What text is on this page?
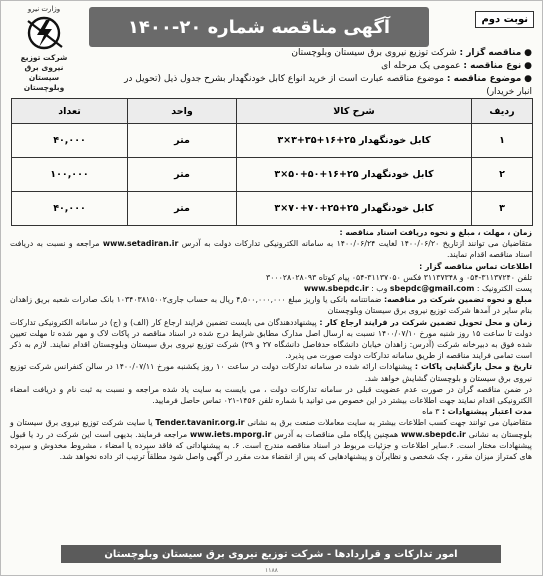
آگهی مناقصه شماره ۲۰-۱۴۰۰	نوبت دوم
وزارت نیرو
شرکت توزیع نیروی برق سیستان وبلوچستان
● مناقصه گزار : شرکت توزیع نیروی برق سیستان وبلوچستان
● نوع مناقصه : عمومی یک مرحله ای
● موضوع مناقصه : موضوع مناقصه عبارت است از خرید انواع کابل خودنگهدار بشرح جدول ذیل (تحویل در انبار خریدار)
ردیف	شرح کالا	واحد	تعداد
۱	کابل خودنگهدار ۲۵+۱۶+۳۵+۳×۳	متر	۴۰,۰۰۰
۲	کابل خودنگهدار ۲۵+۱۶+۵۰+۵۰×۳	متر	۱۰۰,۰۰۰
۳	کابل خودنگهدار ۲۵+۲۵+۷۰+۷۰×۳	متر	۴۰,۰۰۰

زمان ، مهلت ، مبلغ و نحوه دریافت اسناد مناقصه :
متقاضیان می توانند ازتاریخ ۱۴۰۰/۰۶/۲۰ لغایت ۱۴۰۰/۰۶/۲۴ به سامانه الکترونیکی تدارکات دولت به آدرس www.setadiran.ir مراجعه و نسبت به دریافت اسناد مناقصه اقدام نمایند.

اطلاعات تماس مناقصه گزار :
تلفن ۳۱۱۳۷۲۴۰-۰۵۴ و ۳۱۱۳۷۳۴۸ فکس ۳۱۱۳۷۰۵۰-۰۵۴ پیام کوتاه ۳۰۰۰۲۸۰۲۸۰۹۳
پست الکترونیک : sbepdc@gmail.com وب : www.sbepdc.ir

مبلغ و نحوه تضمین شرکت در مناقصه: ضمانتنامه بانکی یا واریز مبلغ ۴,۵۰۰,۰۰۰,۰۰۰ ریال به حساب جاری۱۰۳۴۰۳۸۱۵۰۰۲ بانک صادرات شعبه بریق زاهدان بنام سایر در آمدها شرکت توزیع نیروی برق سیستان وبلوچستان

زمان و محل تحویل تضمین شرکت در فرایند ارجاع کار : پیشنهاددهندگان می بایست تضمین فرایند ارجاع کار (الف) و (ج) در سامانه الکترونیکی تدارکات دولت تا ساعت ۱۵ روز شنبه مورخ ۱۴۰۰/۰۷/۱۰ نسبت به ارسال اصل مدارک مطابق شرایط درج شده در اسناد مناقصه در پاکات لاک و مهر شده تا مهلت تعیین شده فوق به دبیرخانه شرکت (آدرس: زاهدان خیابان دانشگاه حدفاصل دانشگاه ۲۷ و ۲۹) شرکت توزیع نیروی برق سیستان وبلوچستان اقدام نمایند. لازم به ذکر است تمامی فرایند مناقصه از طریق سامانه تدارکات دولت صورت می پذیرد.

تاریخ و محل بازگشایی پاکات : پیشنهادات ارائه شده در سامانه تدارکات دولت در ساعت ۱۰ روز یکشنبه مورخ ۱۴۰۰/۰۷/۱۱ در سالن کنفرانس شرکت توزیع نیروی برق سیستان و بلوچستان گشایش خواهد شد.

در ضمن مناقصه گران در صورت عدم عضویت قبلی در سامانه تدارکات دولت ، می بایست به سایت یاد شده مراجعه و نسبت به ثبت نام و دریافت امضاء الکترونیکی اقدام نمایند جهت اطلاعات بیشتر در این خصوص می توانید با شماره تلفن ۱۴۵۶-۰۲۱ تماس حاصل فرمایید.

مدت اعتبار پیشنهادات : ۳ ماه

متقاضیان می توانند جهت کسب اطلاعات بیشتر به سایت معاملات صنعت برق به نشانی Tender.tavanir.org.ir یا سایت شرکت توزیع نیروی برق سیستان و بلوچستان به نشانی www.sbepdc.ir همچنین پایگاه ملی مناقصات به آدرس www.iets.mporg.ir مراجعه فرمایند. بدیهی است این شرکت در رد یا قبول پیشنهادات مختار است. ۶.سایر اطلاعات و جزئیات مربوط در اسناد مناقصه مندرج است. ۶. به پیشنهاداتی که فاقد سپرده یا امضاء ، مشروط مخدوش و سپرده های کمتراز میزان مقرر ، چک شخصی و نظایرآن و پیشنهادهایی که پس از انقضاء مدت مقرر در آگهی واصل شود مطلقاً ترتیب اثر داده نخواهد شد.

امور تدارکات و قراردادها - شرکت توزیع نیروی برق سیستان وبلوچستان
۱۱۸۸
